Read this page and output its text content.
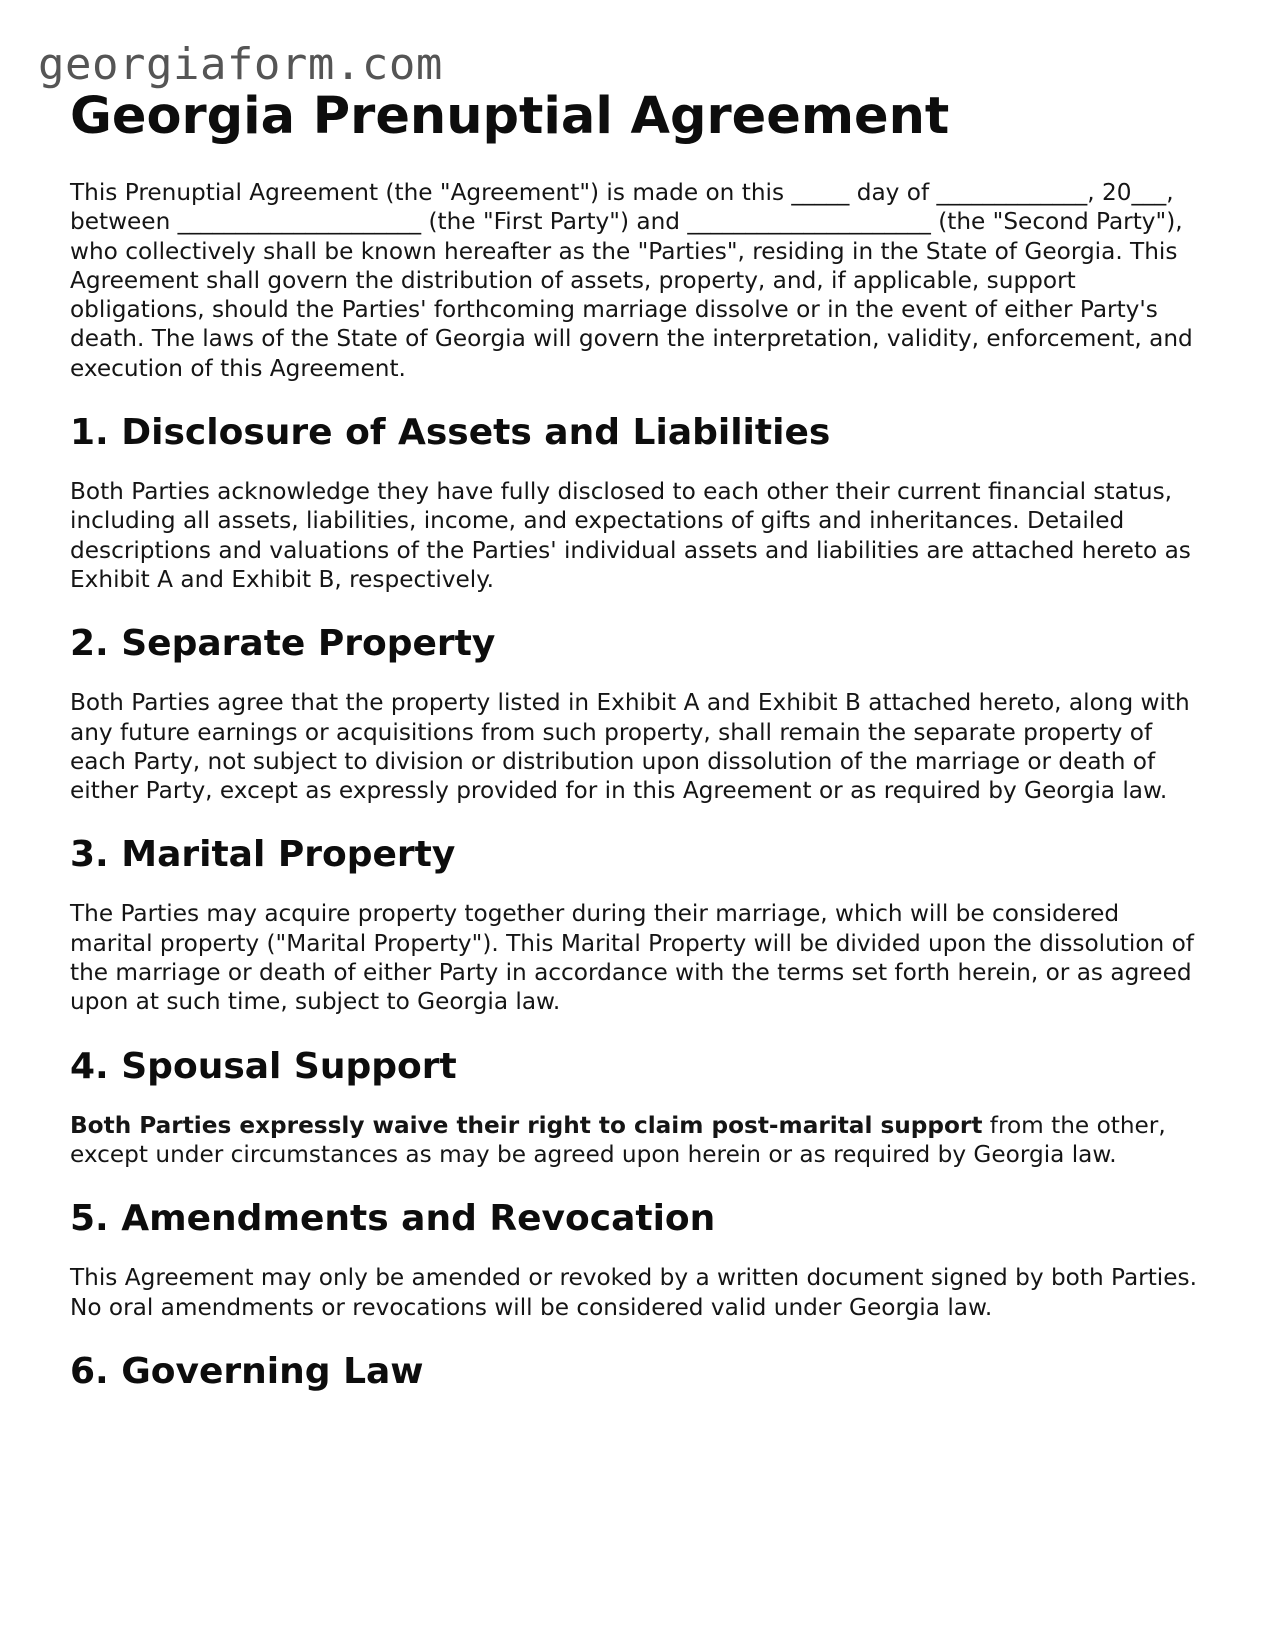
georgiaform.com
Georgia Prenuptial Agreement

This Prenuptial Agreement (the "Agreement") is made on this _____ day of _____________, 20___, between _____________________ (the "First Party") and _____________________ (the "Second Party"), who collectively shall be known hereafter as the "Parties", residing in the State of Georgia. This Agreement shall govern the distribution of assets, property, and, if applicable, support obligations, should the Parties' forthcoming marriage dissolve or in the event of either Party's death. The laws of the State of Georgia will govern the interpretation, validity, enforcement, and execution of this Agreement.

1. Disclosure of Assets and Liabilities

Both Parties acknowledge they have fully disclosed to each other their current financial status, including all assets, liabilities, income, and expectations of gifts and inheritances. Detailed descriptions and valuations of the Parties' individual assets and liabilities are attached hereto as Exhibit A and Exhibit B, respectively.

2. Separate Property

Both Parties agree that the property listed in Exhibit A and Exhibit B attached hereto, along with any future earnings or acquisitions from such property, shall remain the separate property of each Party, not subject to division or distribution upon dissolution of the marriage or death of either Party, except as expressly provided for in this Agreement or as required by Georgia law.

3. Marital Property

The Parties may acquire property together during their marriage, which will be considered marital property ("Marital Property"). This Marital Property will be divided upon the dissolution of the marriage or death of either Party in accordance with the terms set forth herein, or as agreed upon at such time, subject to Georgia law.

4. Spousal Support

Both Parties expressly waive their right to claim post-marital support from the other, except under circumstances as may be agreed upon herein or as required by Georgia law.

5. Amendments and Revocation

This Agreement may only be amended or revoked by a written document signed by both Parties. No oral amendments or revocations will be considered valid under Georgia law.

6. Governing Law
